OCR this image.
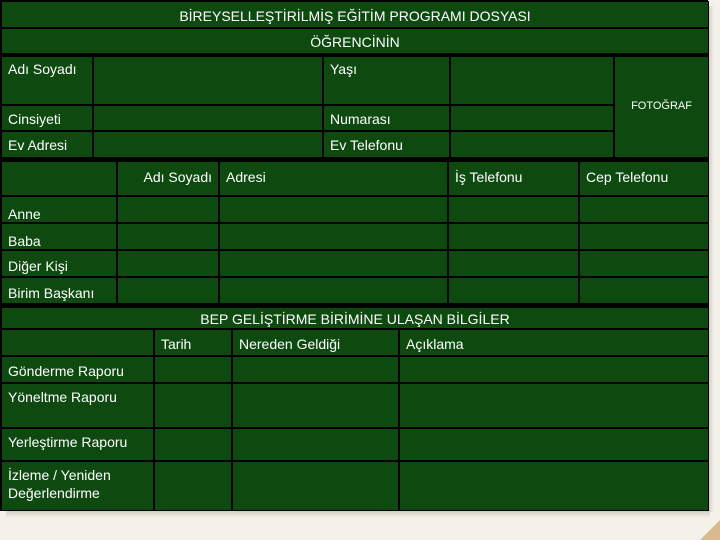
BİREYSELLEŞTİRİLMİŞ EĞİTİM PROGRAMI DOSYASI
ÖĞRENCİNİN
Adı Soyadı	Yaşı
FOTOĞRAF
Cinsiyeti	Numarası
Ev Adresi	Ev Telefonu
Adı Soyadı	Adresi	İş Telefonu	Cep Telefonu
Anne
Baba
Diğer Kişi
Birim Başkanı
BEP GELİŞTİRME BİRİMİNE ULAŞAN BİLGİLER
Tarih	Nereden Geldiği	Açıklama
Gönderme Raporu
Yöneltme Raporu
Yerleştirme Raporu
İzleme / Yeniden Değerlendirme
